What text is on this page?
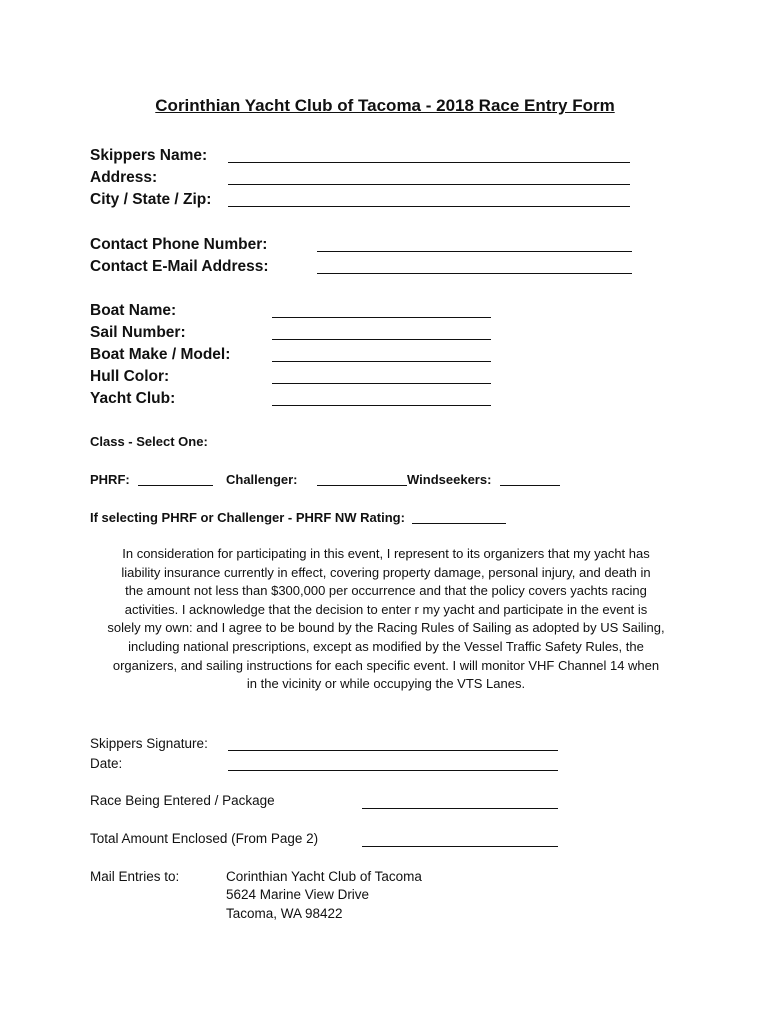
Corinthian Yacht Club of Tacoma - 2018 Race Entry Form
Skippers Name:
Address:
City / State / Zip:
Contact Phone Number:
Contact E-Mail Address:
Boat Name:
Sail Number:
Boat Make / Model:
Hull Color:
Yacht Club:
Class - Select One:
PHRF:	Challenger:	Windseekers:
If selecting PHRF or Challenger - PHRF NW Rating:

In consideration for participating in this event, I represent to its organizers that my yacht has

liability insurance currently in effect, covering property damage, personal injury, and death in

the amount not less than $300,000 per occurrence and that the policy covers yachts racing

activities. I acknowledge that the decision to enter r my yacht and participate in the event is

solely my own: and I agree to be bound by the Racing Rules of Sailing as adopted by US Sailing,

including national prescriptions, except as modified by the Vessel Traffic Safety Rules, the

organizers, and sailing instructions for each specific event. I will monitor VHF Channel 14 when

in the vicinity or while occupying the VTS Lanes.

Skippers Signature:
Date:
Race Being Entered / Package
Total Amount Enclosed (From Page 2)
Mail Entries to:	Corinthian Yacht Club of Tacoma
5624 Marine View Drive
Tacoma, WA 98422
